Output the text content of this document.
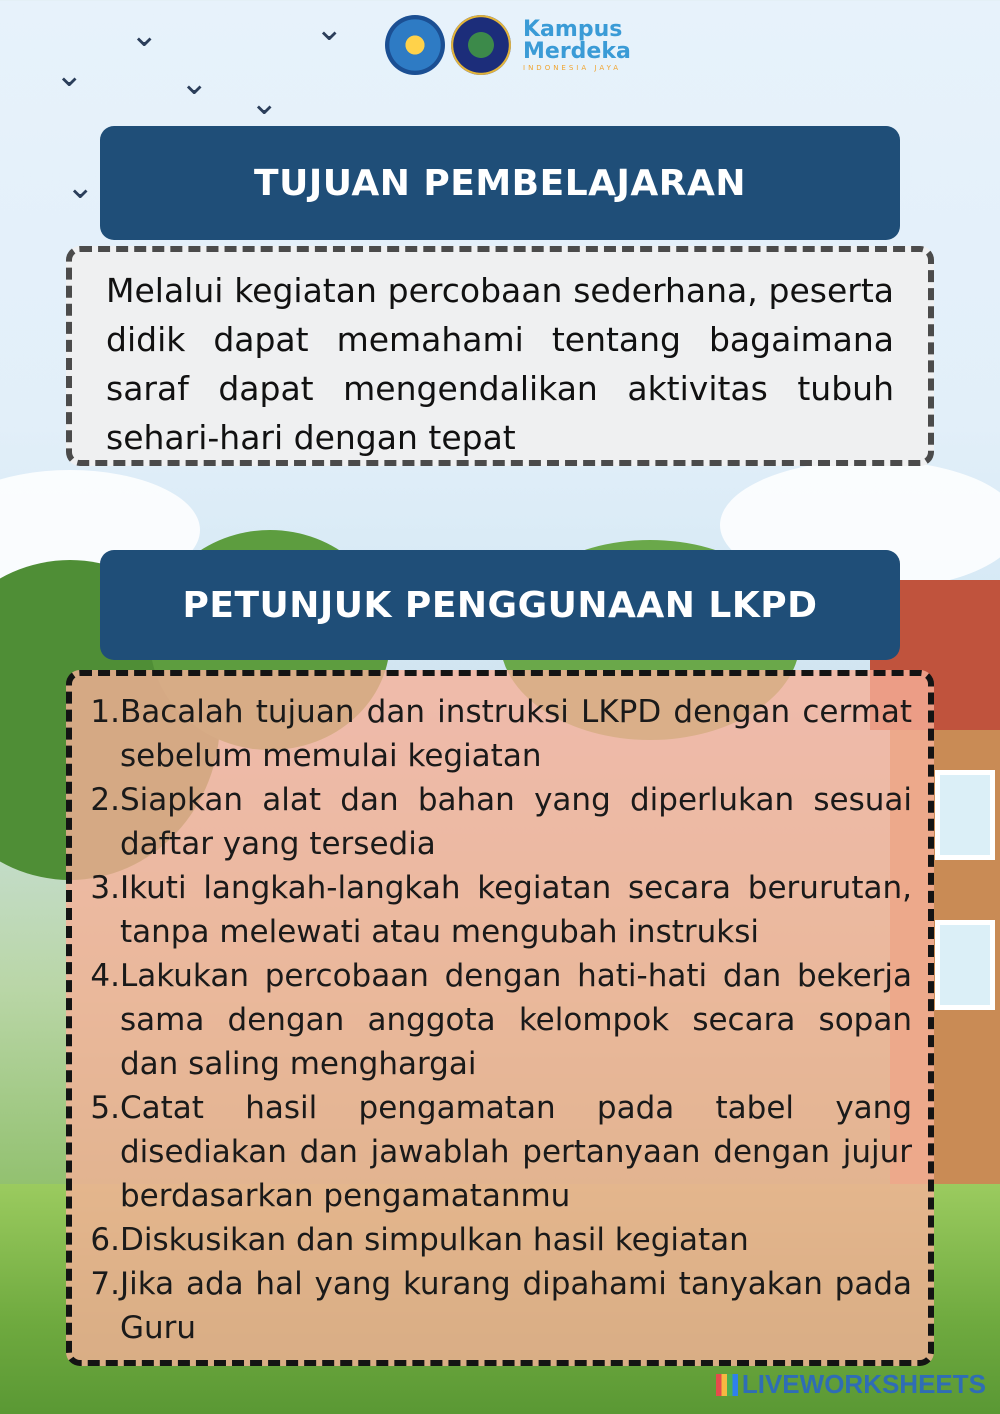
⌄
⌄
⌄ ⌄
⌄
⌄
Kampus
Merdeka
INDONESIA JAYA
TUJUAN PEMBELAJARAN

Melalui kegiatan percobaan sederhana, peserta didik dapat memahami tentang bagaimana saraf dapat mengendalikan aktivitas tubuh sehari-hari dengan tepat

PETUNJUK PENGGUNAAN LKPD
1. Bacalah tujuan dan instruksi LKPD dengan cermat sebelum memulai kegiatan
2. Siapkan alat dan bahan yang diperlukan sesuai daftar yang tersedia
3. Ikuti langkah-langkah kegiatan secara berurutan, tanpa melewati atau mengubah instruksi
4. Lakukan percobaan dengan hati-hati dan bekerja sama dengan anggota kelompok secara sopan dan saling menghargai
5. Catat hasil pengamatan pada tabel yang disediakan dan jawablah pertanyaan dengan jujur berdasarkan pengamatanmu
6. Diskusikan dan simpulkan hasil kegiatan
7. Jika ada hal yang kurang dipahami tanyakan pada Guru
LIVEWORKSHEETS
